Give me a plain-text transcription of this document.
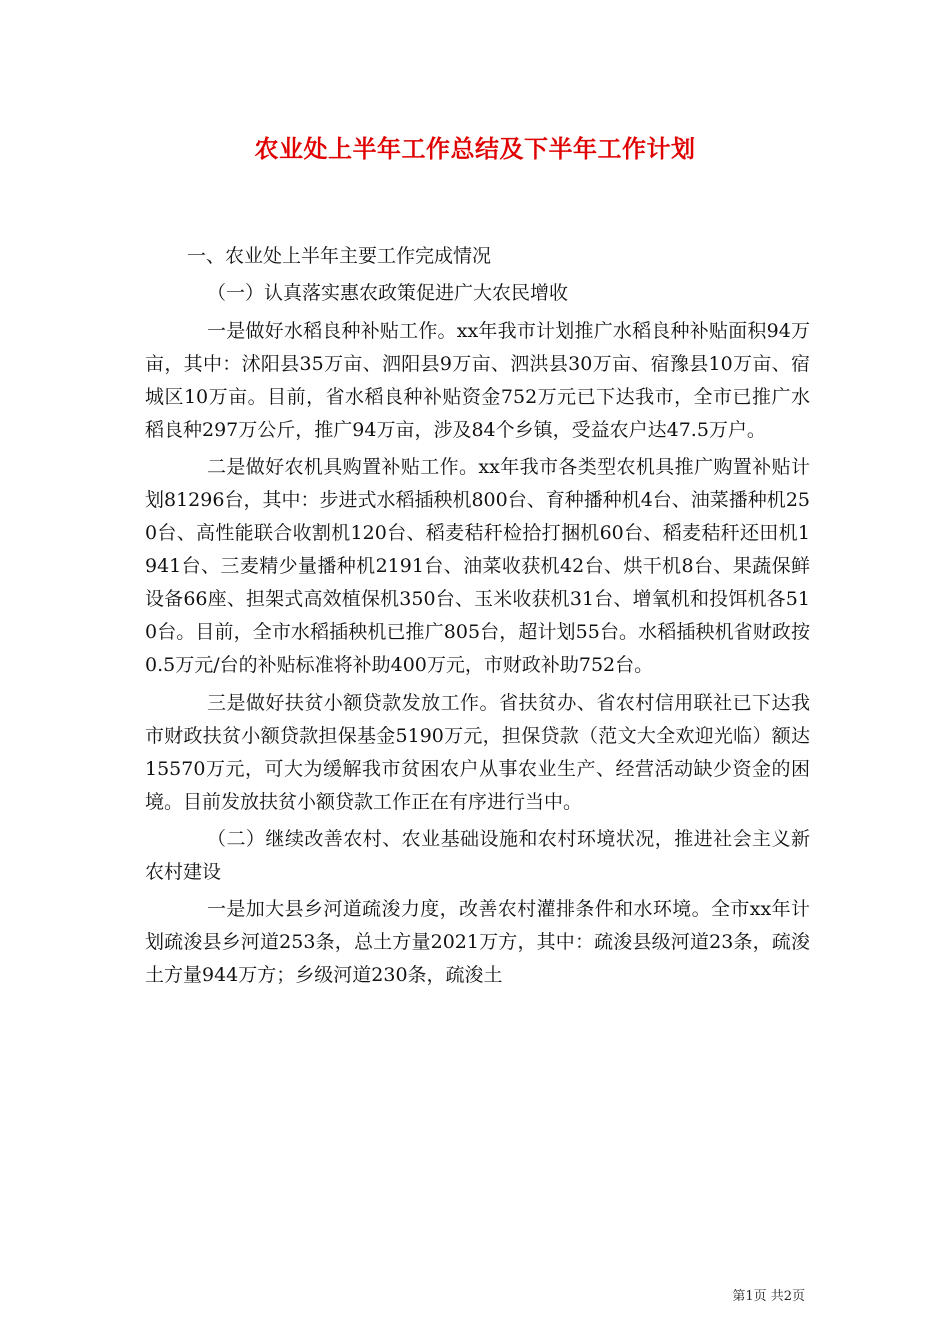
农业处上半年工作总结及下半年工作计划

一、农业处上半年主要工作完成情况

（一）认真落实惠农政策促进广大农民增收

一是做好水稻良种补贴工作。xx年我市计划推广水稻良种补贴面积94万亩，其中：沭阳县35万亩、泗阳县9万亩、泗洪县30万亩、宿豫县10万亩、宿城区10万亩。目前，省水稻良种补贴资金752万元已下达我市，全市已推广水稻良种297万公斤，推广94万亩，涉及84个乡镇，受益农户达47.5万户。

二是做好农机具购置补贴工作。xx年我市各类型农机具推广购置补贴计划81296台，其中：步进式水稻插秧机800台、育种播种机4台、油菜播种机250台、高性能联合收割机120台、稻麦秸秆检拾打捆机60台、稻麦秸秆还田机1941台、三麦精少量播种机2191台、油菜收获机42台、烘干机8台、果蔬保鲜设备66座、担架式高效植保机350台、玉米收获机31台、增氧机和投饵机各510台。目前，全市水稻插秧机已推广805台，超计划55台。水稻插秧机省财政按0.5万元/台的补贴标准将补助400万元，市财政补助752台。

三是做好扶贫小额贷款发放工作。省扶贫办、省农村信用联社已下达我市财政扶贫小额贷款担保基金5190万元，担保贷款（范文大全欢迎光临）额达15570万元，可大为缓解我市贫困农户从事农业生产、经营活动缺少资金的困境。目前发放扶贫小额贷款工作正在有序进行当中。

（二）继续改善农村、农业基础设施和农村环境状况，推进社会主义新农村建设

一是加大县乡河道疏浚力度，改善农村灌排条件和水环境。全市xx年计划疏浚县乡河道253条，总土方量2021万方，其中：疏浚县级河道23条，疏浚土方量944万方；乡级河道230条，疏浚土

第1页 共2页
